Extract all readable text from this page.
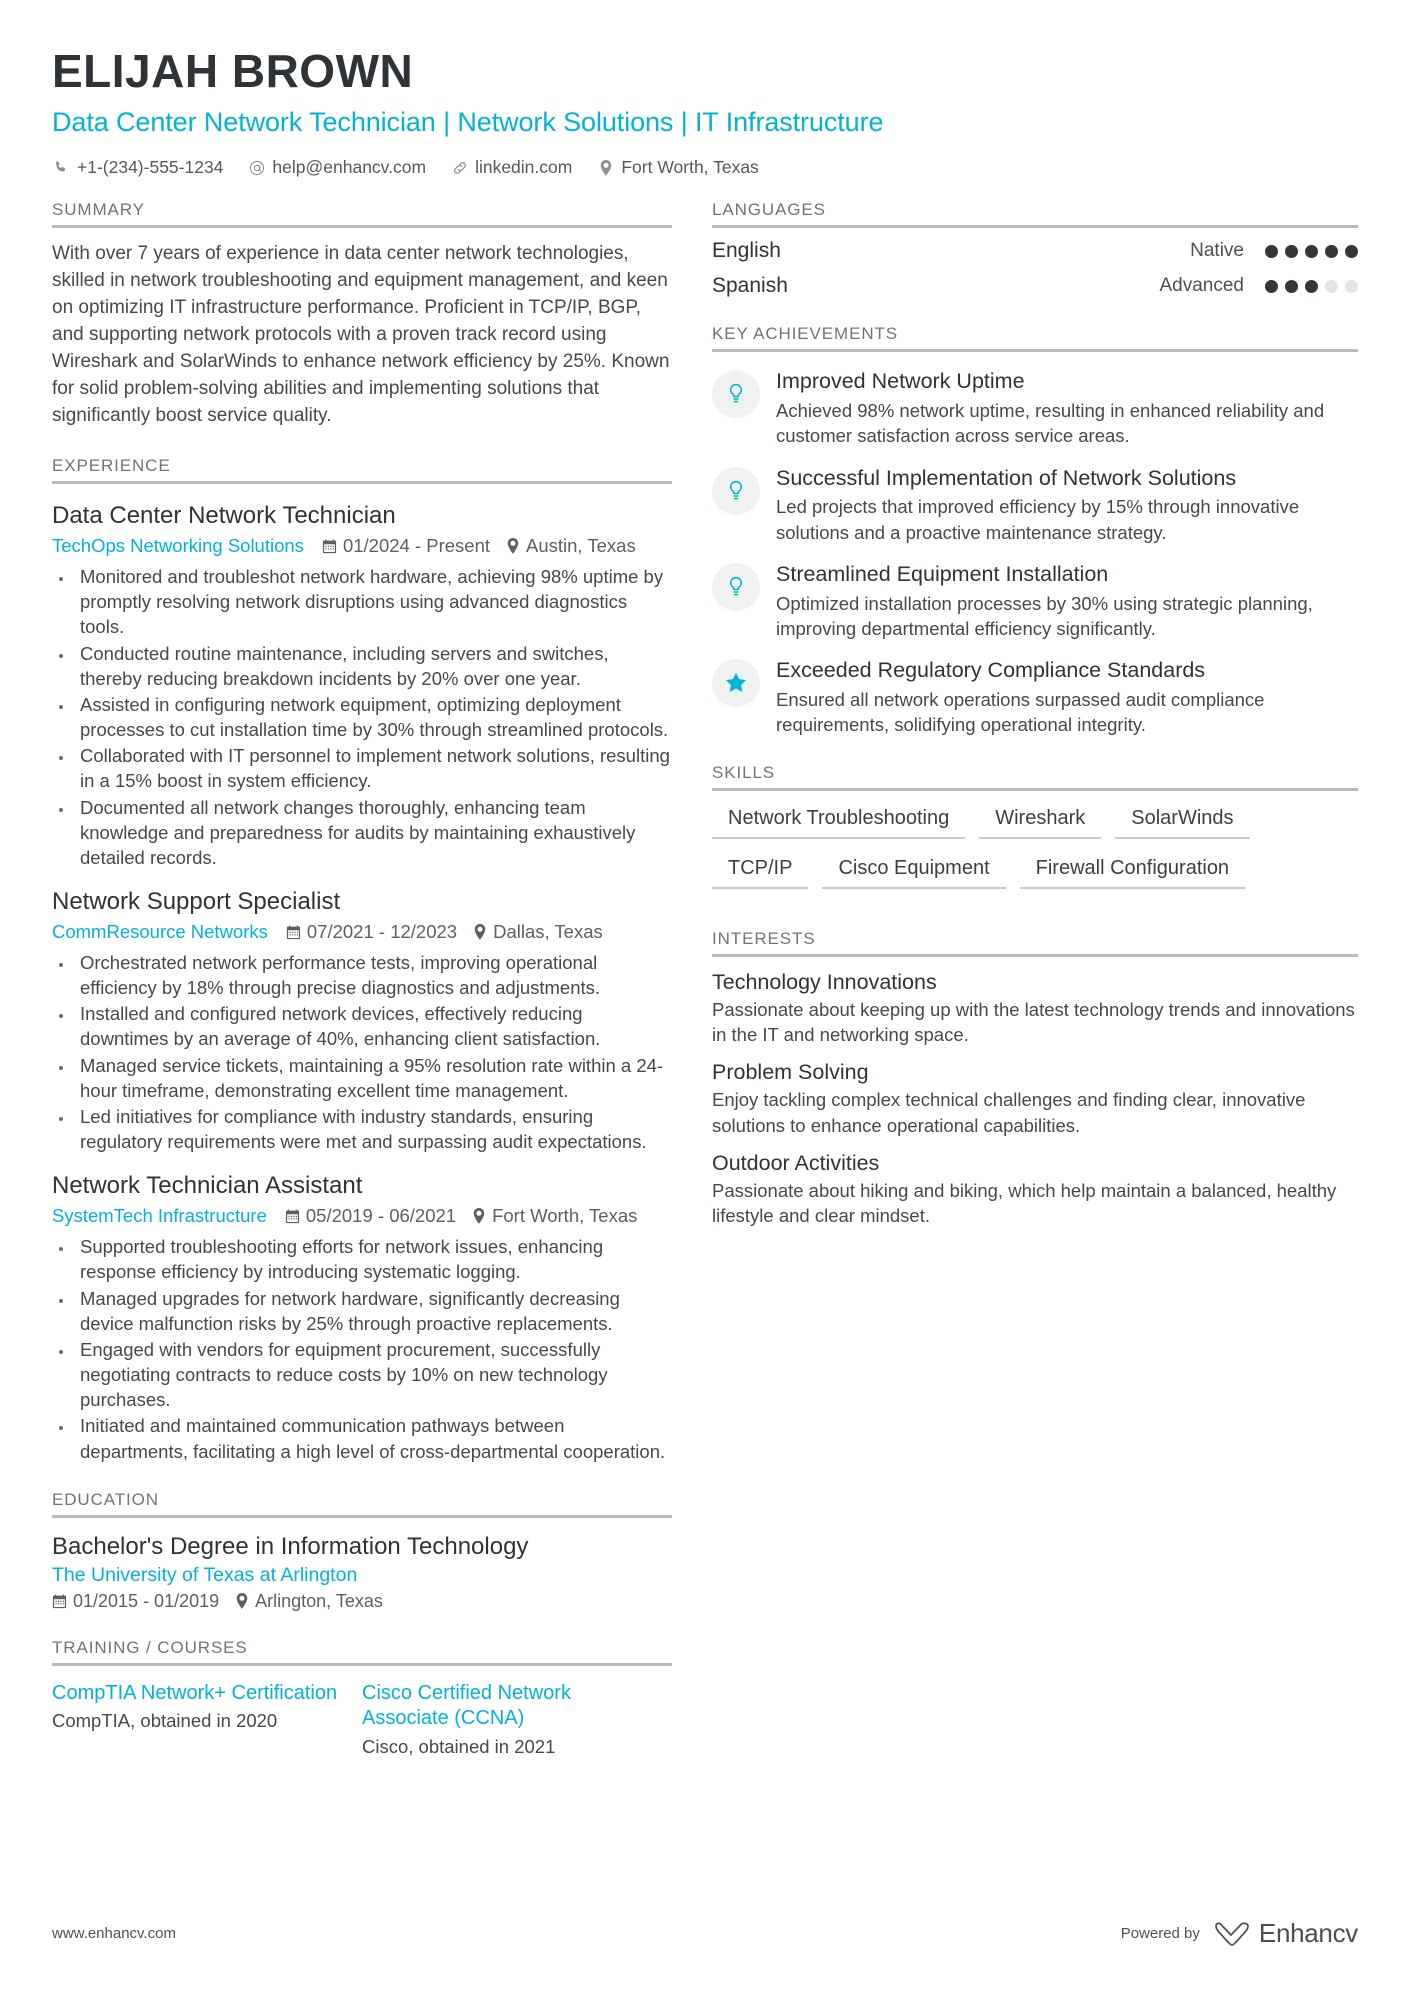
ELIJAH BROWN
Data Center Network Technician | Network Solutions | IT Infrastructure
+1-(234)-555-1234	help@enhancv.com	linkedin.com	Fort Worth, Texas
SUMMARY
With over 7 years of experience in data center network technologies, skilled in network troubleshooting and equipment management, and keen on optimizing IT infrastructure performance. Proficient in TCP/IP, BGP, and supporting network protocols with a proven track record using Wireshark and SolarWinds to enhance network efficiency by 25%. Known for solid problem-solving abilities and implementing solutions that significantly boost service quality.
EXPERIENCE
Data Center Network Technician
TechOps Networking Solutions 01/2024 - Present Austin, Texas
• Monitored and troubleshot network hardware, achieving 98% uptime by promptly resolving network disruptions using advanced diagnostics tools.
• Conducted routine maintenance, including servers and switches, thereby reducing breakdown incidents by 20% over one year.
• Assisted in configuring network equipment, optimizing deployment processes to cut installation time by 30% through streamlined protocols.
• Collaborated with IT personnel to implement network solutions, resulting in a 15% boost in system efficiency.
• Documented all network changes thoroughly, enhancing team knowledge and preparedness for audits by maintaining exhaustively detailed records.
Network Support Specialist
CommResource Networks 07/2021 - 12/2023 Dallas, Texas
• Orchestrated network performance tests, improving operational efficiency by 18% through precise diagnostics and adjustments.
• Installed and configured network devices, effectively reducing downtimes by an average of 40%, enhancing client satisfaction.
• Managed service tickets, maintaining a 95% resolution rate within a 24-hour timeframe, demonstrating excellent time management.
• Led initiatives for compliance with industry standards, ensuring regulatory requirements were met and surpassing audit expectations.
Network Technician Assistant
SystemTech Infrastructure 05/2019 - 06/2021 Fort Worth, Texas
• Supported troubleshooting efforts for network issues, enhancing response efficiency by introducing systematic logging.
• Managed upgrades for network hardware, significantly decreasing device malfunction risks by 25% through proactive replacements.
• Engaged with vendors for equipment procurement, successfully negotiating contracts to reduce costs by 10% on new technology purchases.
• Initiated and maintained communication pathways between departments, facilitating a high level of cross-departmental cooperation.
EDUCATION
Bachelor's Degree in Information Technology
The University of Texas at Arlington
01/2015 - 01/2019 Arlington, Texas
TRAINING / COURSES
CompTIA Network+ Certification
CompTIA, obtained in 2020
Cisco Certified Network Associate (CCNA)
Cisco, obtained in 2021
LANGUAGES
English	Native
Spanish	Advanced
KEY ACHIEVEMENTS
Improved Network Uptime
Achieved 98% network uptime, resulting in enhanced reliability and customer satisfaction across service areas.
Successful Implementation of Network Solutions
Led projects that improved efficiency by 15% through innovative solutions and a proactive maintenance strategy.
Streamlined Equipment Installation
Optimized installation processes by 30% using strategic planning, improving departmental efficiency significantly.
Exceeded Regulatory Compliance Standards
Ensured all network operations surpassed audit compliance requirements, solidifying operational integrity.
SKILLS
Network Troubleshooting	Wireshark	SolarWinds
TCP/IP	Cisco Equipment	Firewall Configuration
INTERESTS
Technology Innovations
Passionate about keeping up with the latest technology trends and innovations in the IT and networking space.
Problem Solving
Enjoy tackling complex technical challenges and finding clear, innovative solutions to enhance operational capabilities.
Outdoor Activities
Passionate about hiking and biking, which help maintain a balanced, healthy lifestyle and clear mindset.
www.enhancv.com	Powered by Enhancv
